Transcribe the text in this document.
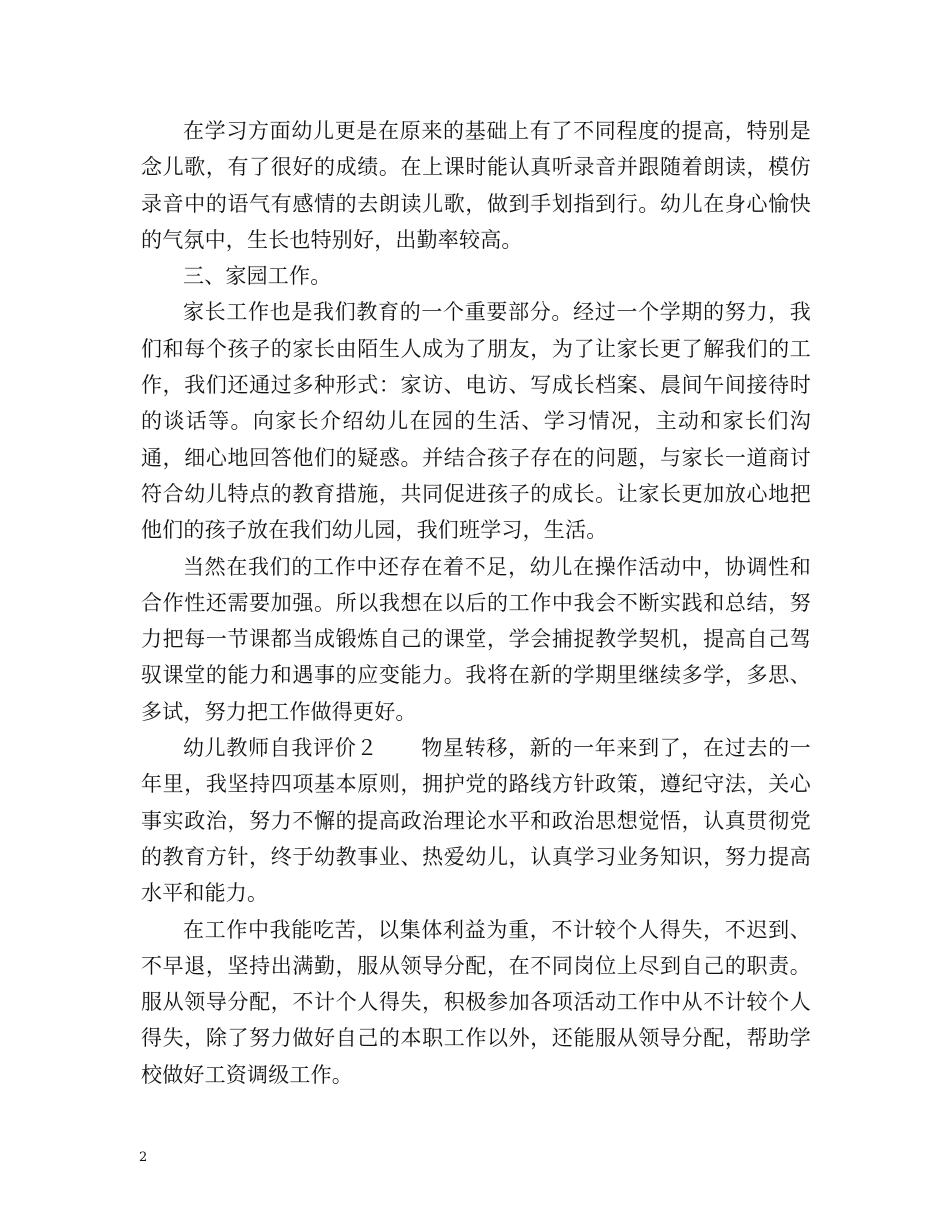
在学习方面幼儿更是在原来的基础上有了不同程度的提高，特别是念儿歌，有了很好的成绩。在上课时能认真听录音并跟随着朗读，模仿录音中的语气有感情的去朗读儿歌，做到手划指到行。幼儿在身心愉快的气氛中，生长也特别好，出勤率较高。

三、家园工作。

家长工作也是我们教育的一个重要部分。经过一个学期的努力，我们和每个孩子的家长由陌生人成为了朋友，为了让家长更了解我们的工作，我们还通过多种形式：家访、电访、写成长档案、晨间午间接待时的谈话等。向家长介绍幼儿在园的生活、学习情况，主动和家长们沟通，细心地回答他们的疑惑。并结合孩子存在的问题，与家长一道商讨符合幼儿特点的教育措施，共同促进孩子的成长。让家长更加放心地把他们的孩子放在我们幼儿园，我们班学习，生活。

当然在我们的工作中还存在着不足，幼儿在操作活动中，协调性和合作性还需要加强。所以我想在以后的工作中我会不断实践和总结，努力把每一节课都当成锻炼自己的课堂，学会捕捉教学契机，提高自己驾驭课堂的能力和遇事的应变能力。我将在新的学期里继续多学，多思、多试，努力把工作做得更好。

幼儿教师自我评价２　　物星转移，新的一年来到了，在过去的一年里，我坚持四项基本原则，拥护党的路线方针政策，遵纪守法，关心事实政治，努力不懈的提高政治理论水平和政治思想觉悟，认真贯彻党的教育方针，终于幼教事业、热爱幼儿，认真学习业务知识，努力提高水平和能力。

在工作中我能吃苦，以集体利益为重，不计较个人得失，不迟到、不早退，坚持出满勤，服从领导分配，在不同岗位上尽到自己的职责。服从领导分配，不计个人得失，积极参加各项活动工作中从不计较个人得失，除了努力做好自己的本职工作以外，还能服从领导分配，帮助学校做好工资调级工作。

2
